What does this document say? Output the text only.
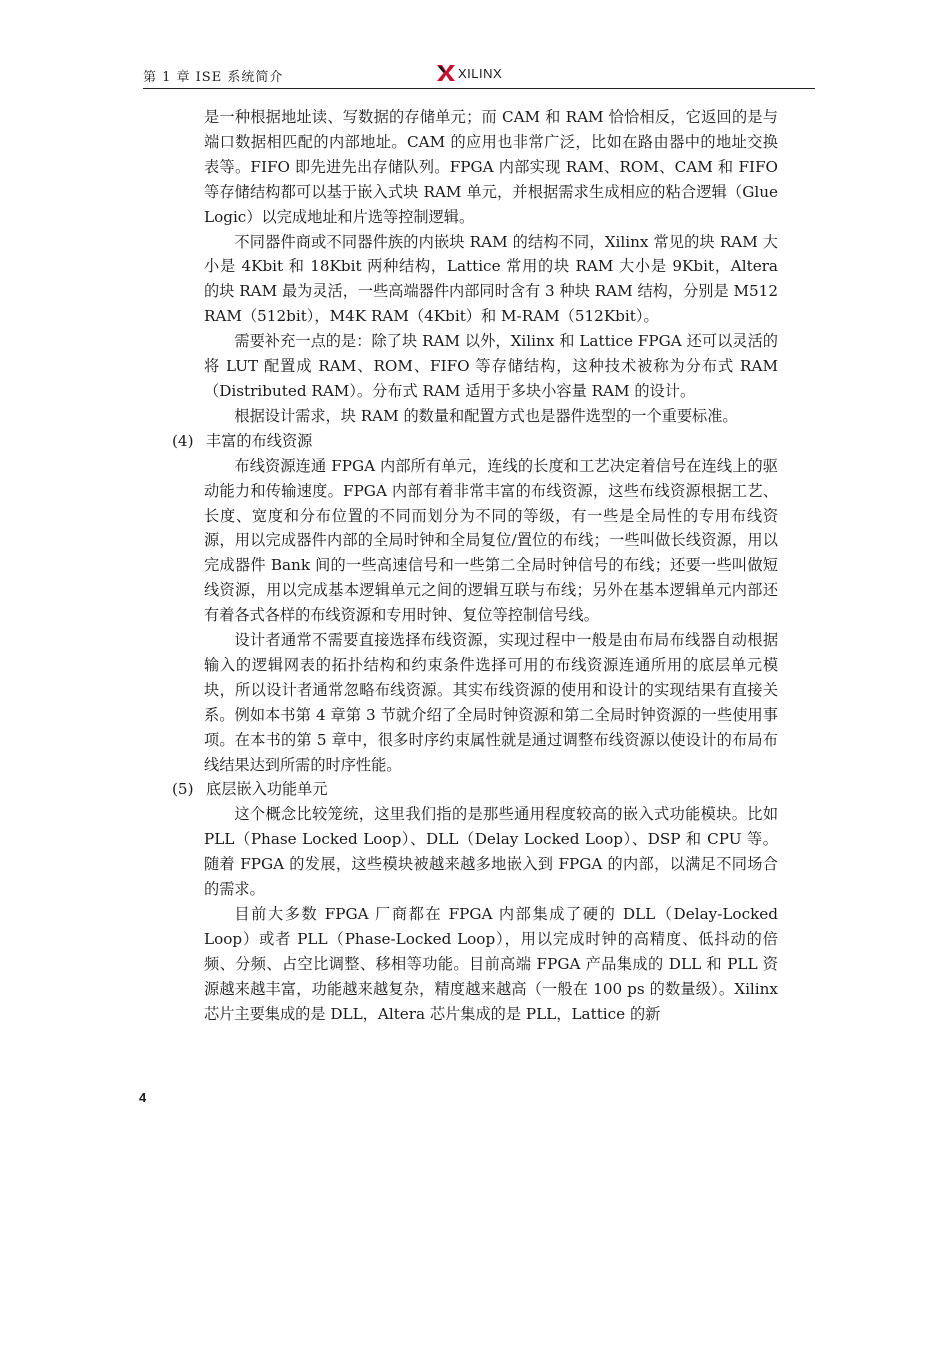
第 1 章 ISE 系统简介	XILINX

是一种根据地址读、写数据的存储单元；而 CAM 和 RAM 恰恰相反，它返回的是与端口数据相匹配的内部地址。CAM 的应用也非常广泛，比如在路由器中的地址交换表等。FIFO 即先进先出存储队列。FPGA 内部实现 RAM、ROM、CAM 和 FIFO 等存储结构都可以基于嵌入式块 RAM 单元，并根据需求生成相应的粘合逻辑（Glue Logic）以完成地址和片选等控制逻辑。

不同器件商或不同器件族的内嵌块 RAM 的结构不同，Xilinx 常见的块 RAM 大小是 4Kbit 和 18Kbit 两种结构，Lattice 常用的块 RAM 大小是 9Kbit，Altera 的块 RAM 最为灵活，一些高端器件内部同时含有 3 种块 RAM 结构，分别是 M512 RAM（512bit），M4K RAM（4Kbit）和 M-RAM（512Kbit）。

需要补充一点的是：除了块 RAM 以外，Xilinx 和 Lattice FPGA 还可以灵活的将 LUT 配置成 RAM、ROM、FIFO 等存储结构，这种技术被称为分布式 RAM（Distributed RAM）。分布式 RAM 适用于多块小容量 RAM 的设计。

根据设计需求，块 RAM 的数量和配置方式也是器件选型的一个重要标准。

(4) 丰富的布线资源

布线资源连通 FPGA 内部所有单元，连线的长度和工艺决定着信号在连线上的驱动能力和传输速度。FPGA 内部有着非常丰富的布线资源，这些布线资源根据工艺、长度、宽度和分布位置的不同而划分为不同的等级，有一些是全局性的专用布线资源，用以完成器件内部的全局时钟和全局复位/置位的布线；一些叫做长线资源，用以完成器件 Bank 间的一些高速信号和一些第二全局时钟信号的布线；还要一些叫做短线资源，用以完成基本逻辑单元之间的逻辑互联与布线；另外在基本逻辑单元内部还有着各式各样的布线资源和专用时钟、复位等控制信号线。

设计者通常不需要直接选择布线资源，实现过程中一般是由布局布线器自动根据输入的逻辑网表的拓扑结构和约束条件选择可用的布线资源连通所用的底层单元模块，所以设计者通常忽略布线资源。其实布线资源的使用和设计的实现结果有直接关系。例如本书第 4 章第 3 节就介绍了全局时钟资源和第二全局时钟资源的一些使用事项。在本书的第 5 章中，很多时序约束属性就是通过调整布线资源以使设计的布局布线结果达到所需的时序性能。

(5) 底层嵌入功能单元

这个概念比较笼统，这里我们指的是那些通用程度较高的嵌入式功能模块。比如 PLL（Phase Locked Loop）、DLL（Delay Locked Loop）、DSP 和 CPU 等。随着 FPGA 的发展，这些模块被越来越多地嵌入到 FPGA 的内部，以满足不同场合的需求。

目前大多数 FPGA 厂商都在 FPGA 内部集成了硬的 DLL（Delay-Locked Loop）或者 PLL（Phase-Locked Loop），用以完成时钟的高精度、低抖动的倍频、分频、占空比调整、移相等功能。目前高端 FPGA 产品集成的 DLL 和 PLL 资源越来越丰富，功能越来越复杂，精度越来越高（一般在 100 ps 的数量级）。Xilinx 芯片主要集成的是 DLL，Altera 芯片集成的是 PLL，Lattice 的新

4
